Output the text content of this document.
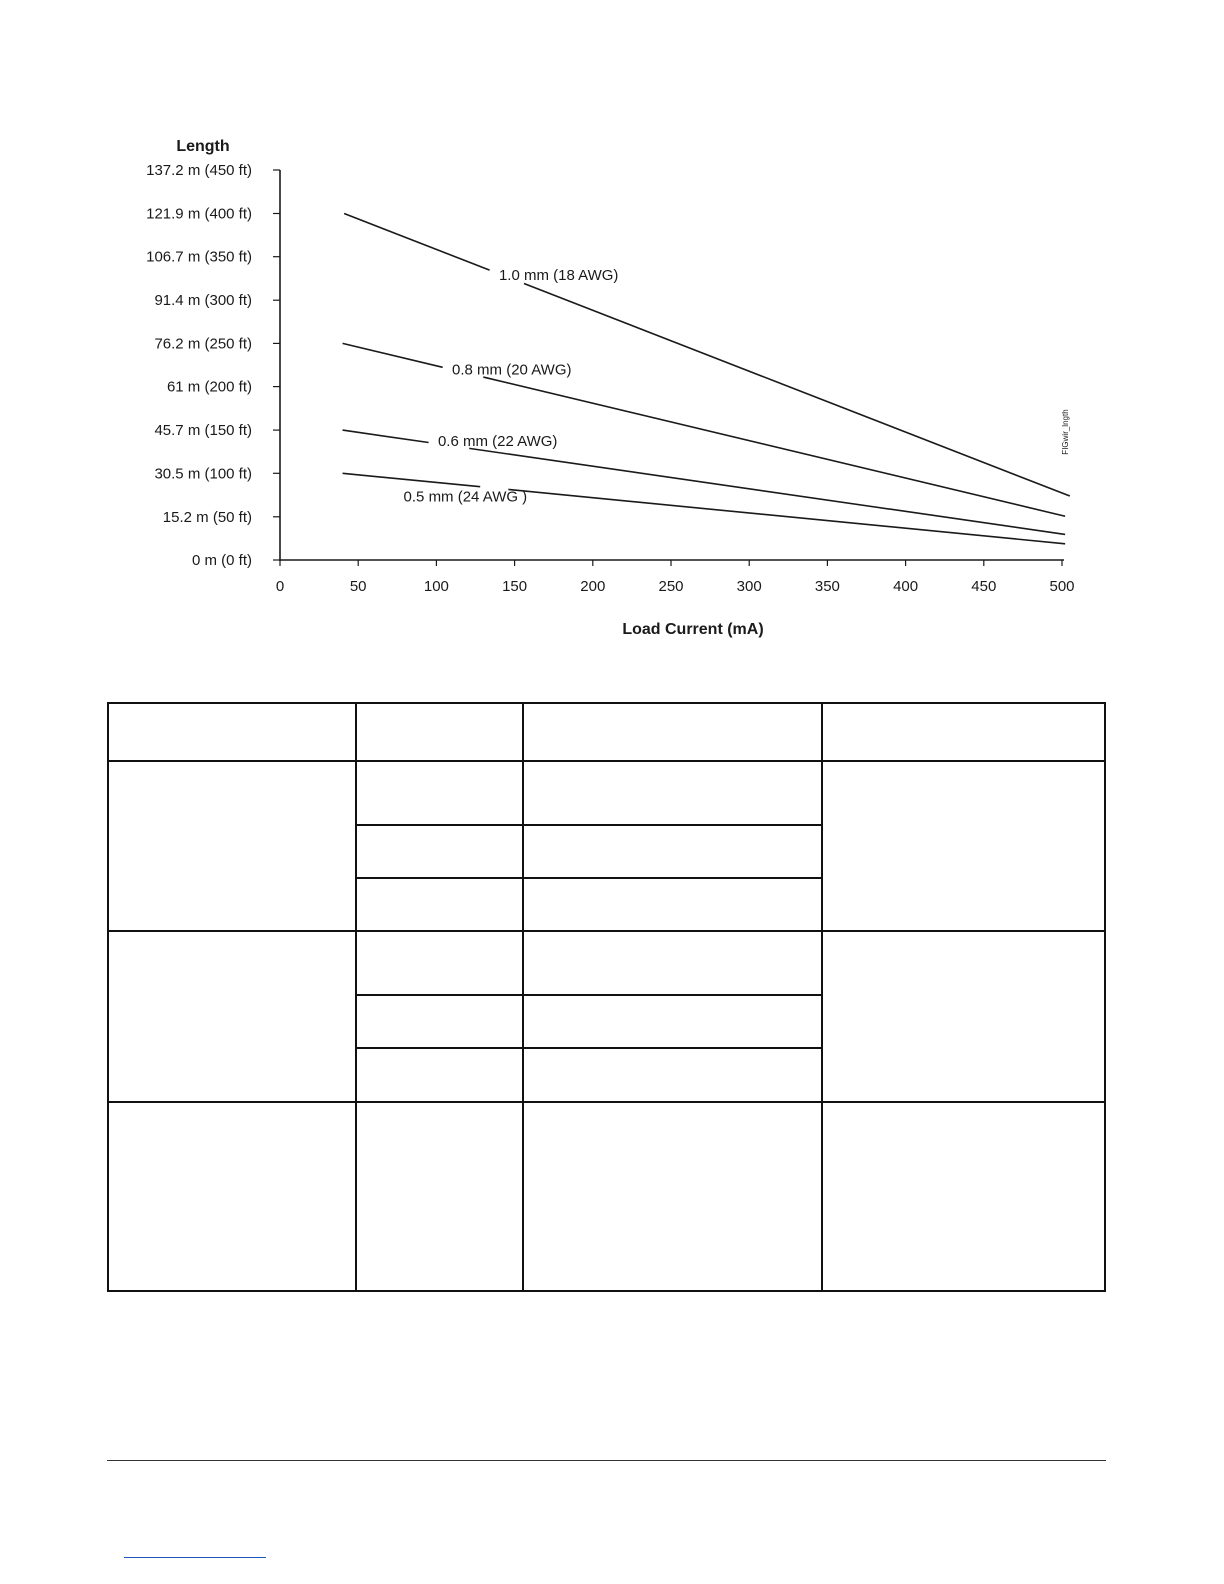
Length
Load Current (mA)
137.2 m (450 ft)
121.9 m (400 ft)
106.7 m (350 ft)
91.4 m (300 ft)
76.2 m (250 ft)
61 m (200 ft)
45.7 m (150 ft)
30.5 m (100 ft)
15.2 m (50 ft)
0 m (0 ft)
0	50	100	150	200	250	300	350	400	450	500
1.0 mm (18 AWG)
0.8 mm (20 AWG)
0.6 mm (22 AWG)
0.5 mm (24 AWG )
FIGwir_lngth
